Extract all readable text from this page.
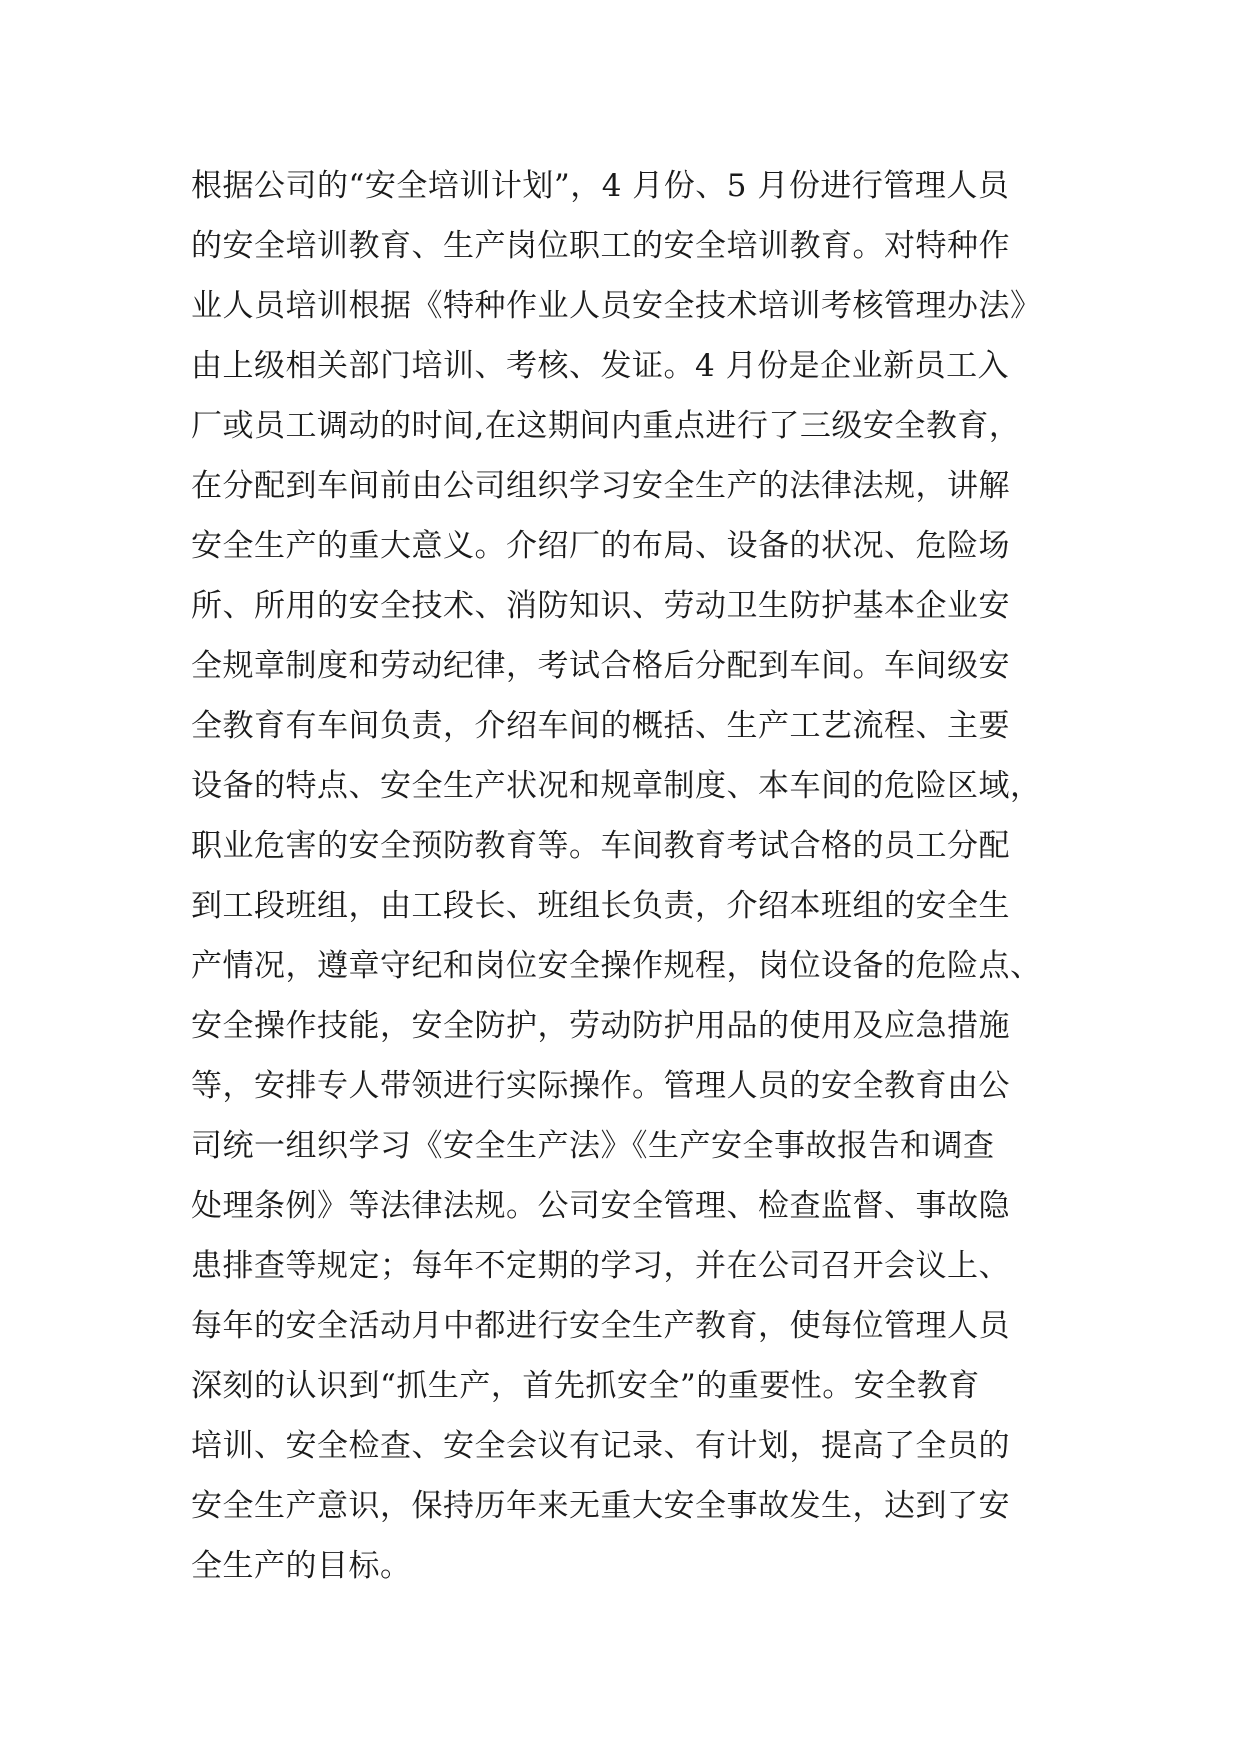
根据公司的“安全培训计划”，4 月份、5 月份进行管理人员
的安全培训教育、生产岗位职工的安全培训教育。对特种作
业人员培训根据《特种作业人员安全技术培训考核管理办法》
由上级相关部门培训、考核、发证。4 月份是企业新员工入
厂或员工调动的时间,在这期间内重点进行了三级安全教育，
在分配到车间前由公司组织学习安全生产的法律法规，讲解
安全生产的重大意义。介绍厂的布局、设备的状况、危险场
所、所用的安全技术、消防知识、劳动卫生防护基本企业安
全规章制度和劳动纪律，考试合格后分配到车间。车间级安
全教育有车间负责，介绍车间的概括、生产工艺流程、主要
设备的特点、安全生产状况和规章制度、本车间的危险区域，
职业危害的安全预防教育等。车间教育考试合格的员工分配
到工段班组，由工段长、班组长负责，介绍本班组的安全生
产情况，遵章守纪和岗位安全操作规程，岗位设备的危险点、
安全操作技能，安全防护，劳动防护用品的使用及应急措施
等，安排专人带领进行实际操作。管理人员的安全教育由公
司统一组织学习《安全生产法》《生产安全事故报告和调查
处理条例》等法律法规。公司安全管理、检查监督、事故隐
患排查等规定；每年不定期的学习，并在公司召开会议上、
每年的安全活动月中都进行安全生产教育，使每位管理人员
深刻的认识到“抓生产，首先抓安全”的重要性。安全教育
培训、安全检查、安全会议有记录、有计划，提高了全员的
安全生产意识，保持历年来无重大安全事故发生，达到了安
全生产的目标。
